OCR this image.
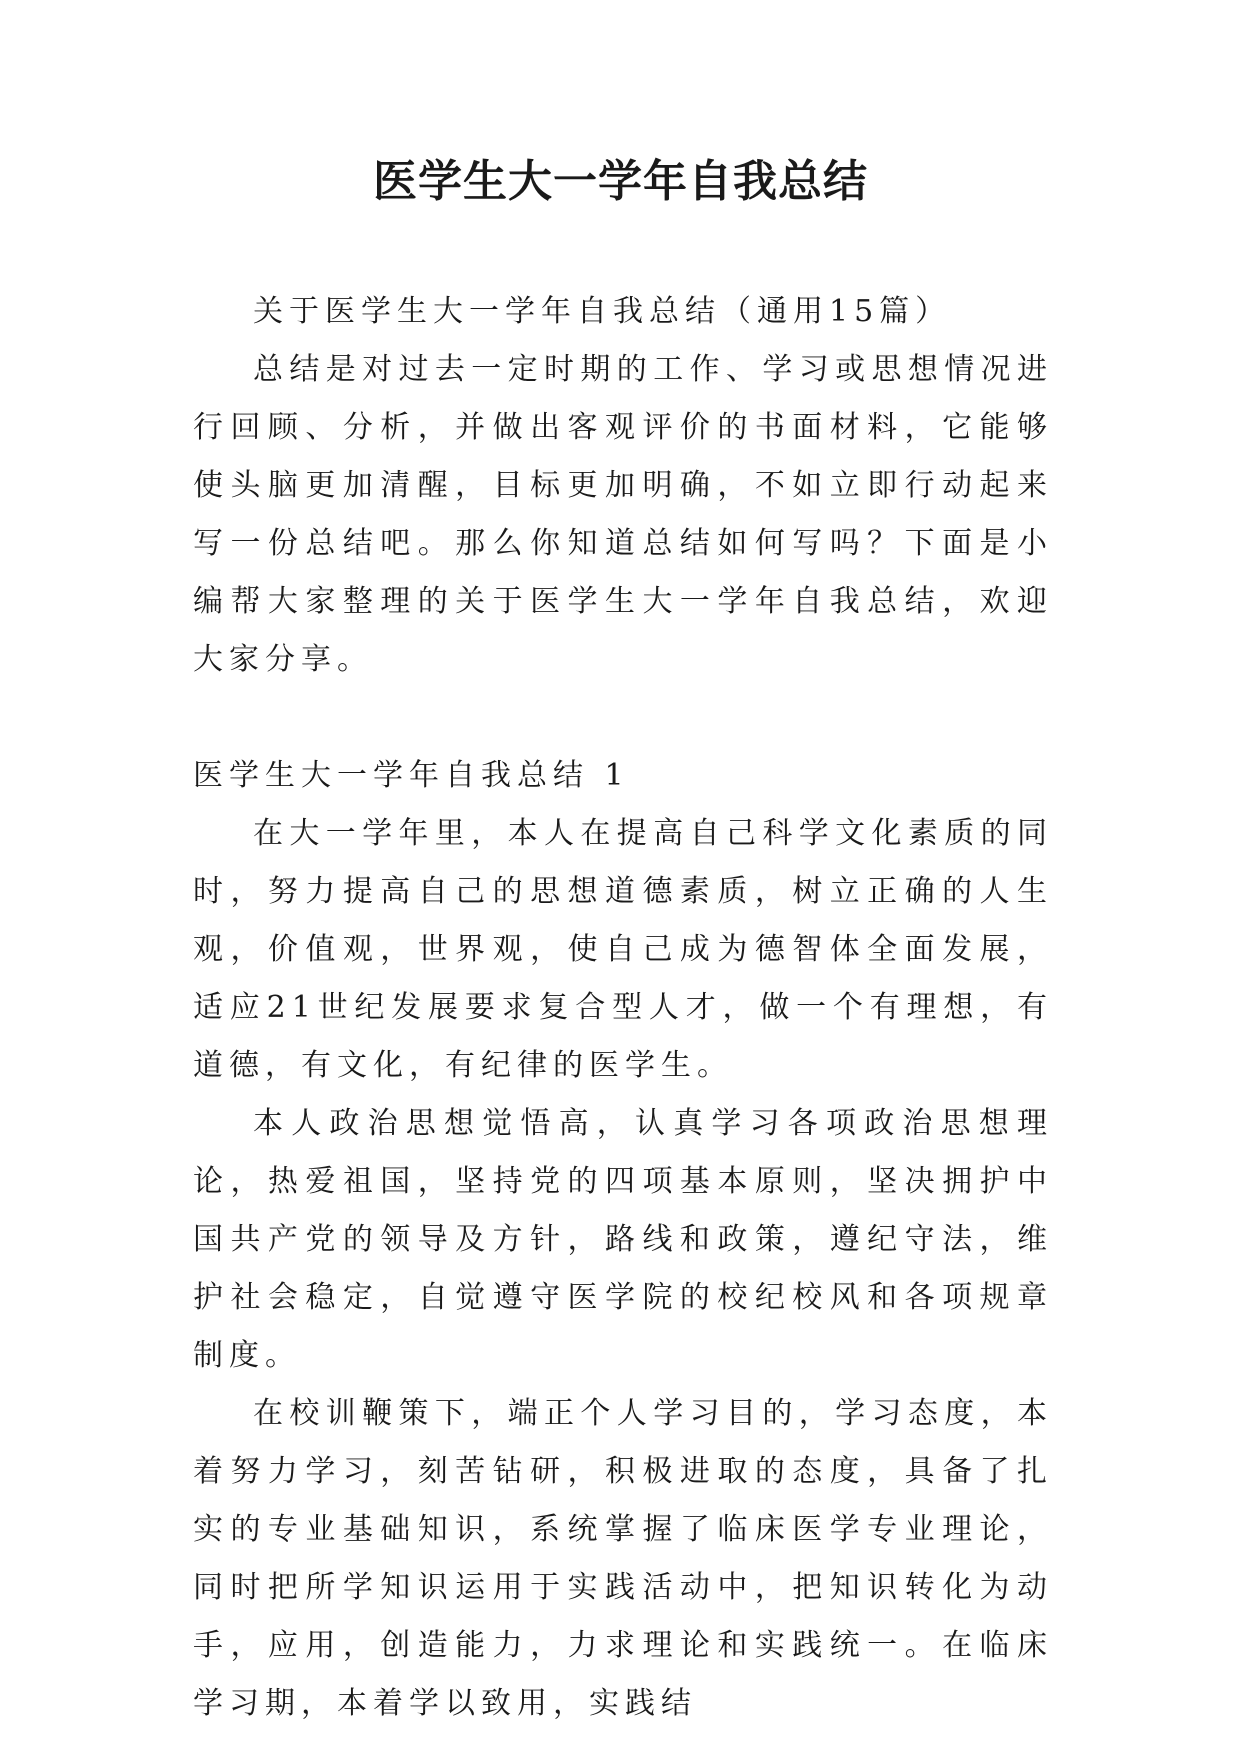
医学生大一学年自我总结

关于医学生大一学年自我总结（通用15篇）

总结是对过去一定时期的工作、学习或思想情况进行回顾、分析，并做出客观评价的书面材料，它能够使头脑更加清醒，目标更加明确，不如立即行动起来写一份总结吧。那么你知道总结如何写吗？下面是小编帮大家整理的关于医学生大一学年自我总结，欢迎大家分享。

医学生大一学年自我总结 1

在大一学年里，本人在提高自己科学文化素质的同时，努力提高自己的思想道德素质，树立正确的人生观，价值观，世界观，使自己成为德智体全面发展，适应21世纪发展要求复合型人才，做一个有理想，有道德，有文化，有纪律的医学生。

本人政治思想觉悟高，认真学习各项政治思想理论，热爱祖国，坚持党的四项基本原则，坚决拥护中国共产党的领导及方针，路线和政策，遵纪守法，维护社会稳定，自觉遵守医学院的校纪校风和各项规章制度。

在校训鞭策下，端正个人学习目的，学习态度，本着努力学习，刻苦钻研，积极进取的态度，具备了扎实的专业基础知识，系统掌握了临床医学专业理论，同时把所学知识运用于实践活动中，把知识转化为动手，应用，创造能力，力求理论和实践统一。在临床学习期，本着学以致用，实践结
